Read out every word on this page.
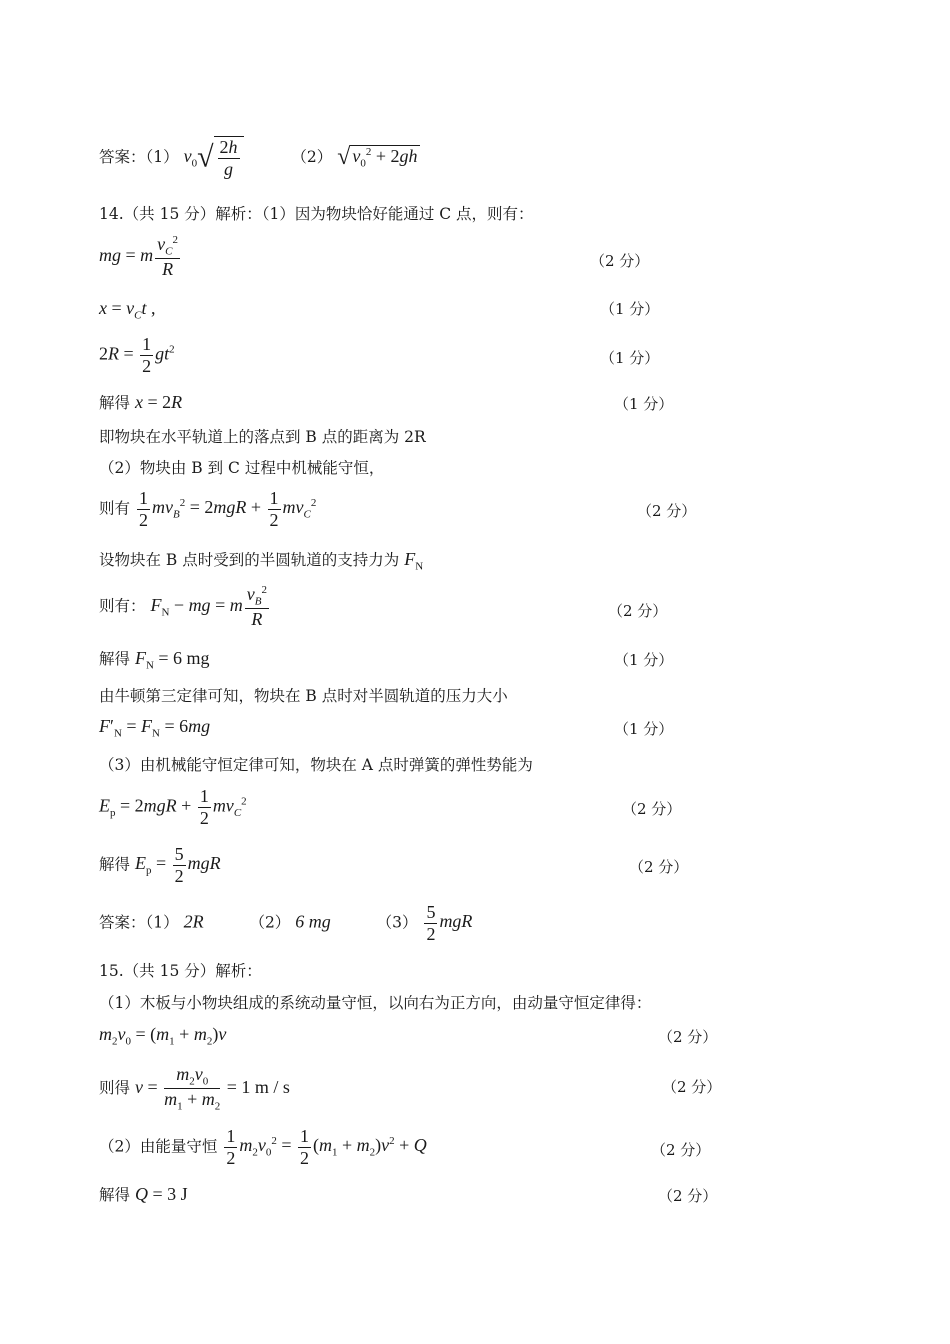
答案：（1） $v_0√ \frac{2h}{g}$	（2） √ $v_0^2 + 2gh$
14.（共 15 分）解析：（1）因为物块恰好能通过 C 点，则有：
mg = m $\frac{v_C^2}{R}$	（2 分）
$x = v_Ct$ ,	（1 分）
$2R = \frac{1}{2} gt^2$	（1 分）
解得 x = 2R	（1 分）
即物块在水平轨道上的落点到 B 点的距离为 2R
（2）物块由 B 到 C 过程中机械能守恒，
则有 $\frac{1}{2} mv_B^2 = 2mgR + \frac{1}{2} mv_C^2$	（2 分）
设物块在 B 点时受到的半圆轨道的支持力为 $F_N$
则有： $F_N$ − mg = m $\frac{v_B^2}{R}$	（2 分）
解得 $F_N = 6$ mg	（1 分）
由牛顿第三定律可知，物块在 B 点时对半圆轨道的压力大小
$F'_N = F_N = 6mg$	（1 分）
（3）由机械能守恒定律可知，物块在 A 点时弹簧的弹性势能为
$E_p = 2mgR + \frac{1}{2} mv_C^2$	（2 分）
解得 $E_p = \frac{5}{2}$ mgR	（2 分）
答案：（1） 2R	（2） 6 mg	$(3) \frac{5}{2}$ mgR
15.（共 15 分）解析：
（1）木板与小物块组成的系统动量守恒，以向右为正方向，由动量守恒定律得：
$m_2v_0 = (m_1 + m_2)v$	（2 分）
则得 $v = \frac{m_2v_0}{m_1 + m_2} = 1$ m / s	（2 分）
（2）由能量守恒 $\frac{1}{2} m_2v_0^2 = \frac{1}{2} (m_1 + m_2)v^2 + Q$	（2 分）
解得 Q = 3 J	（2 分）
